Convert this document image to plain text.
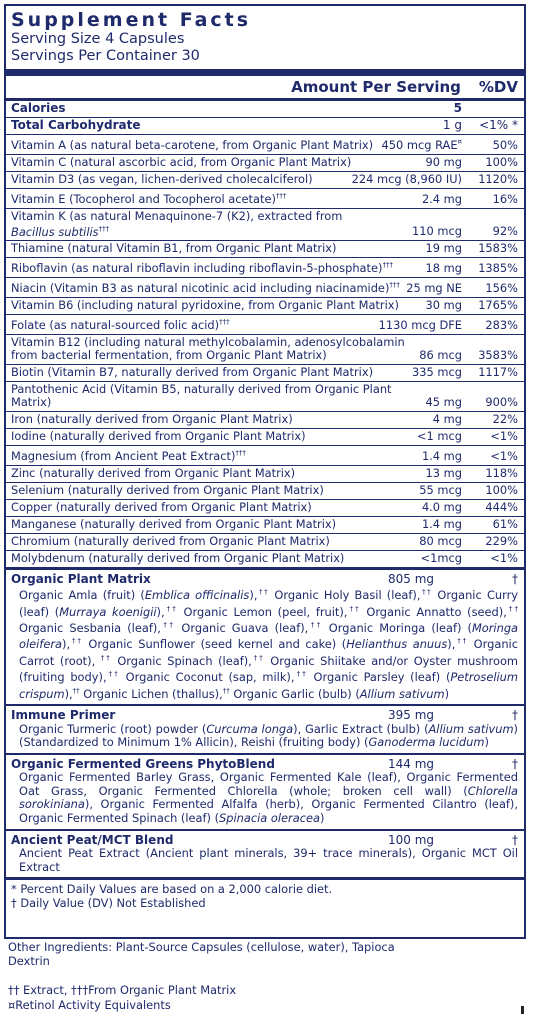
Supplement Facts
Serving Size 4 Capsules
Servings Per Container 30
Amount Per Serving %DV
Calories	5
Total Carbohydrate	1 g	<1% *
Vitamin A (as natural beta-carotene, from Organic Plant Matrix) 450 mcg RAE¤	50%
Vitamin C (natural ascorbic acid, from Organic Plant Matrix)	90 mg	100%
Vitamin D3 (as vegan, lichen-derived cholecalciferol)	224 mcg (8,960 IU)	1120%
Vitamin E (Tocopherol and Tocopherol acetate)†††	2.4 mg	16%
Vitamin K (as natural Menaquinone-7 (K2), extracted from
Bacillus subtilis†††	110 mcg	92%
Thiamine (natural Vitamin B1, from Organic Plant Matrix)	19 mg	1583%
Riboflavin (as natural riboflavin including riboflavin-5-phosphate)†††	18 mg	1385%
Niacin (Vitamin B3 as natural nicotinic acid including niacinamide)††† 25 mg NE	156%
Vitamin B6 (including natural pyridoxine, from Organic Plant Matrix)	30 mg	1765%
Folate (as natural-sourced folic acid)†††	1130 mcg DFE	283%
Vitamin B12 (including natural methylcobalamin, adenosylcobalamin
from bacterial fermentation, from Organic Plant Matrix)	86 mcg	3583%
Biotin (Vitamin B7, naturally derived from Organic Plant Matrix)	335 mcg	1117%
Pantothenic Acid (Vitamin B5, naturally derived from Organic Plant Matrix)	45 mg	900%
Iron (naturally derived from Organic Plant Matrix)	4 mg	22%
Iodine (naturally derived from Organic Plant Matrix)	<1 mcg	<1%
Magnesium (from Ancient Peat Extract)†††	1.4 mg	<1%
Zinc (naturally derived from Organic Plant Matrix)	13 mg	118%
Selenium (naturally derived from Organic Plant Matrix)	55 mcg	100%
Copper (naturally derived from Organic Plant Matrix)	4.0 mg	444%
Manganese (naturally derived from Organic Plant Matrix)	1.4 mg	61%
Chromium (naturally derived from Organic Plant Matrix)	80 mcg	229%
Molybdenum (naturally derived from Organic Plant Matrix)	<1mcg	<1%
Organic Plant Matrix	805 mg	†
Organic Amla (fruit) (Emblica officinalis),†† Organic Holy Basil (leaf),†† Organic Curry (leaf) (Murraya koenigii),†† Organic Lemon (peel, fruit),†† Organic Annatto (seed),†† Organic Sesbania (leaf),†† Organic Guava (leaf),†† Organic Moringa (leaf) (Moringa oleifera),†† Organic Sunflower (seed kernel and cake) (Helianthus anuus),†† Organic Carrot (root), †† Organic Spinach (leaf),†† Organic Shiitake and/or Oyster mushroom (fruiting body),†† Organic Coconut (sap, milk),†† Organic Parsley (leaf) (Petroselium crispum),†† Organic Lichen (thallus),†† Organic Garlic (bulb) (Allium sativum)
Immune Primer	395 mg	†
Organic Turmeric (root) powder (Curcuma longa), Garlic Extract (bulb) (Allium sativum) (Standardized to Minimum 1% Allicin), Reishi (fruiting body) (Ganoderma lucidum)
Organic Fermented Greens PhytoBlend	144 mg	†
Organic Fermented Barley Grass, Organic Fermented Kale (leaf), Organic Fermented Oat Grass, Organic Fermented Chlorella (whole; broken cell wall) (Chlorella sorokiniana), Organic Fermented Alfalfa (herb), Organic Fermented Cilantro (leaf), Organic Fermented Spinach (leaf) (Spinacia oleracea)
Ancient Peat/MCT Blend	100 mg	†
Ancient Peat Extract (Ancient plant minerals, 39+ trace minerals), Organic MCT Oil Extract
* Percent Daily Values are based on a 2,000 calorie diet.
† Daily Value (DV) Not Established
Other Ingredients: Plant-Source Capsules (cellulose, water), Tapioca Dextrin
†† Extract, †††From Organic Plant Matrix
¤Retinol Activity Equivalents
